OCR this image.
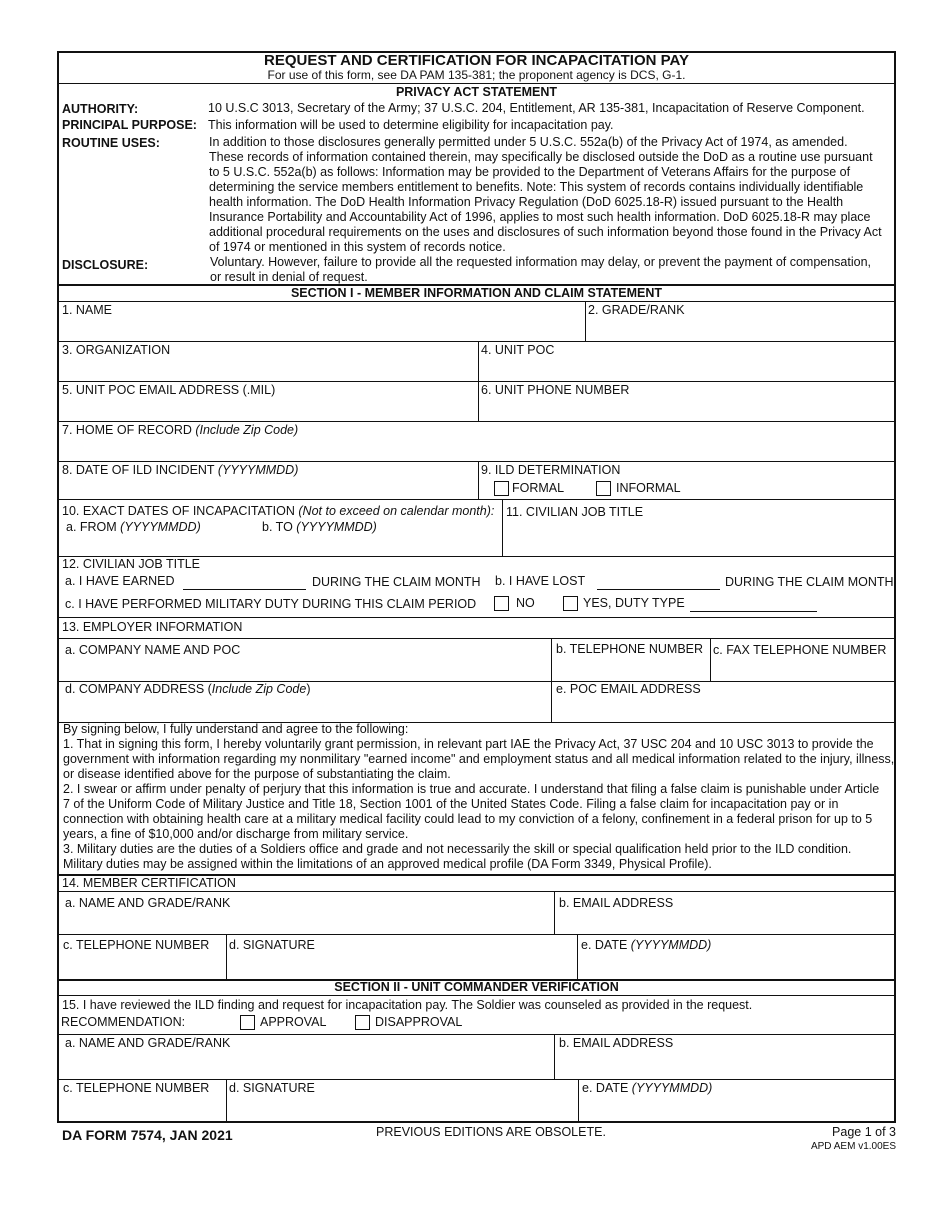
REQUEST AND CERTIFICATION FOR INCAPACITATION PAY
For use of this form, see DA PAM 135-381; the proponent agency is DCS, G-1.
PRIVACY ACT STATEMENT
AUTHORITY:	10 U.S.C 3013, Secretary of the Army; 37 U.S.C. 204, Entitlement, AR 135-381, Incapacitation of Reserve Component.
PRINCIPAL PURPOSE: This information will be used to determine eligibility for incapacitation pay.
ROUTINE USES:	In addition to those disclosures generally permitted under 5 U.S.C. 552a(b) of the Privacy Act of 1974, as amended.
These records of information contained therein, may specifically be disclosed outside the DoD as a routine use pursuant
to 5 U.S.C. 552a(b) as follows: Information may be provided to the Department of Veterans Affairs for the purpose of
determining the service members entitlement to benefits. Note: This system of records contains individually identifiable
health information. The DoD Health Information Privacy Regulation (DoD 6025.18-R) issued pursuant to the Health
Insurance Portability and Accountability Act of 1996, applies to most such health information. DoD 6025.18-R may place
additional procedural requirements on the uses and disclosures of such information beyond those found in the Privacy Act
of 1974 or mentioned in this system of records notice.
DISCLOSURE:	Voluntary. However, failure to provide all the requested information may delay, or prevent the payment of compensation,
or result in denial of request.
SECTION I - MEMBER INFORMATION AND CLAIM STATEMENT
1. NAME	2. GRADE/RANK
3. ORGANIZATION	4. UNIT POC
5. UNIT POC EMAIL ADDRESS (.MIL)	6. UNIT PHONE NUMBER
7. HOME OF RECORD (Include Zip Code)
8. DATE OF ILD INCIDENT (YYYYMMDD)	9. ILD DETERMINATION
FORMAL	INFORMAL
10. EXACT DATES OF INCAPACITATION (Not to exceed on calendar month):
a. FROM (YYYYMMDD)	b. TO (YYYYMMDD)
11. CIVILIAN JOB TITLE
12. CIVILIAN JOB TITLE
a. I HAVE EARNED	DURING THE CLAIM MONTH b. I HAVE LOST	DURING THE CLAIM MONTH
c. I HAVE PERFORMED MILITARY DUTY DURING THIS CLAIM PERIOD	NO	YES, DUTY TYPE
13. EMPLOYER INFORMATION
a. COMPANY NAME AND POC	b. TELEPHONE NUMBER c. FAX TELEPHONE NUMBER
d. COMPANY ADDRESS (Include Zip Code)	e. POC EMAIL ADDRESS
By signing below, I fully understand and agree to the following:
1. That in signing this form, I hereby voluntarily grant permission, in relevant part IAE the Privacy Act, 37 USC 204 and 10 USC 3013 to provide the
government with information regarding my nonmilitary "earned income" and employment status and all medical information related to the injury, illness,
or disease identified above for the purpose of substantiating the claim.
2. I swear or affirm under penalty of perjury that this information is true and accurate. I understand that filing a false claim is punishable under Article
7 of the Uniform Code of Military Justice and Title 18, Section 1001 of the United States Code. Filing a false claim for incapacitation pay or in
connection with obtaining health care at a military medical facility could lead to my conviction of a felony, confinement in a federal prison for up to 5
years, a fine of $10,000 and/or discharge from military service.
3. Military duties are the duties of a Soldiers office and grade and not necessarily the skill or special qualification held prior to the ILD condition.
Military duties may be assigned within the limitations of an approved medical profile (DA Form 3349, Physical Profile).
14. MEMBER CERTIFICATION
a. NAME AND GRADE/RANK	b. EMAIL ADDRESS
c. TELEPHONE NUMBER d. SIGNATURE	e. DATE (YYYYMMDD)
SECTION II - UNIT COMMANDER VERIFICATION
15. I have reviewed the ILD finding and request for incapacitation pay. The Soldier was counseled as provided in the request.
RECOMMENDATION:	APPROVAL	DISAPPROVAL
a. NAME AND GRADE/RANK	b. EMAIL ADDRESS
c. TELEPHONE NUMBER d. SIGNATURE	e. DATE (YYYYMMDD)
DA FORM 7574, JAN 2021	PREVIOUS EDITIONS ARE OBSOLETE.	Page 1 of 3
APD AEM v1.00ES
